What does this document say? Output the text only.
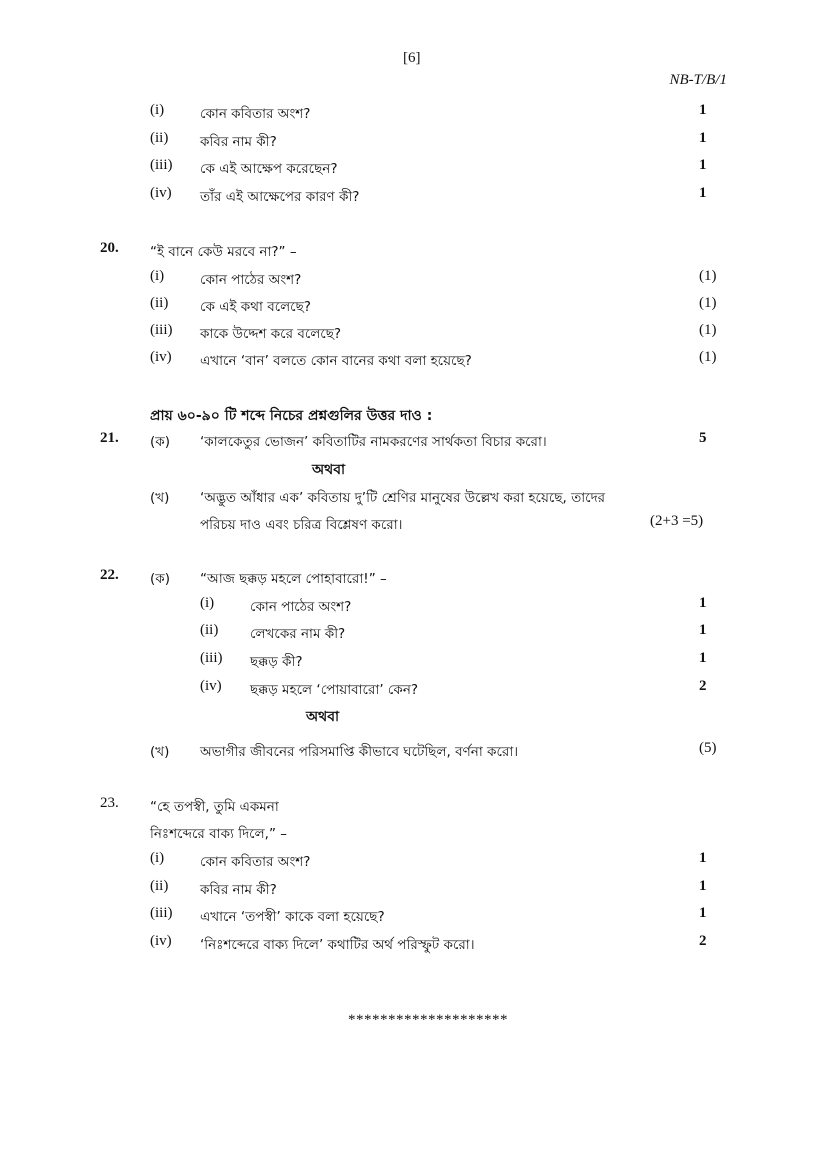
[6]
NB-T/B/1
(i)	কোন কবিতার অংশ?	1
(ii) কবির নাম কী?	1
(iii) কে এই আক্ষেপ করেছেন?	1
(iv) তাঁর এই আক্ষেপের কারণ কী?	1
20. “ই বানে কেউ মরবে না?” –
(i)	কোন পাঠের অংশ?	(1)
(ii) কে এই কথা বলেছে?	(1)
(iii) কাকে উদ্দেশ করে বলেছে?	(1)
(iv) এখানে ‘বান’ বলতে কোন বানের কথা বলা হয়েছে?	(1)
প্রায় ৬০-৯০ টি শব্দে নিচের প্রশ্নগুলির উত্তর দাও :
21. (ক) ‘কালকেতুর ভোজন’ কবিতাটির নামকরণের সার্থকতা বিচার করো।	5
অথবা
(খ) ‘অদ্ভুত আঁধার এক’ কবিতায় দু’টি শ্রেণির মানুষের উল্লেখ করা হয়েছে, তাদের
পরিচয় দাও এবং চরিত্র বিশ্লেষণ করো।	(2+3 =5)
22. (ক) “আজ ছক্কড় মহলে পোহাবারো!” –
(i)	কোন পাঠের অংশ?	1
(ii) লেখকের নাম কী?	1
(iii) ছক্কড় কী?	1
(iv) ছক্কড় মহলে ‘পোয়াবারো’ কেন?	2
অথবা
(খ) অভাগীর জীবনের পরিসমাপ্তি কীভাবে ঘটেছিল, বর্ণনা করো।	(5)
23. “হে তপস্বী, তুমি একমনা
নিঃশব্দেরে বাক্য দিলে,” –
(i)	কোন কবিতার অংশ?	1
(ii) কবির নাম কী?	1
(iii) এখানে ‘তপস্বী’ কাকে বলা হয়েছে?	1
(iv) ‘নিঃশব্দেরে বাক্য দিলে’ কথাটির অর্থ পরিস্ফুট করো।	2
********************
